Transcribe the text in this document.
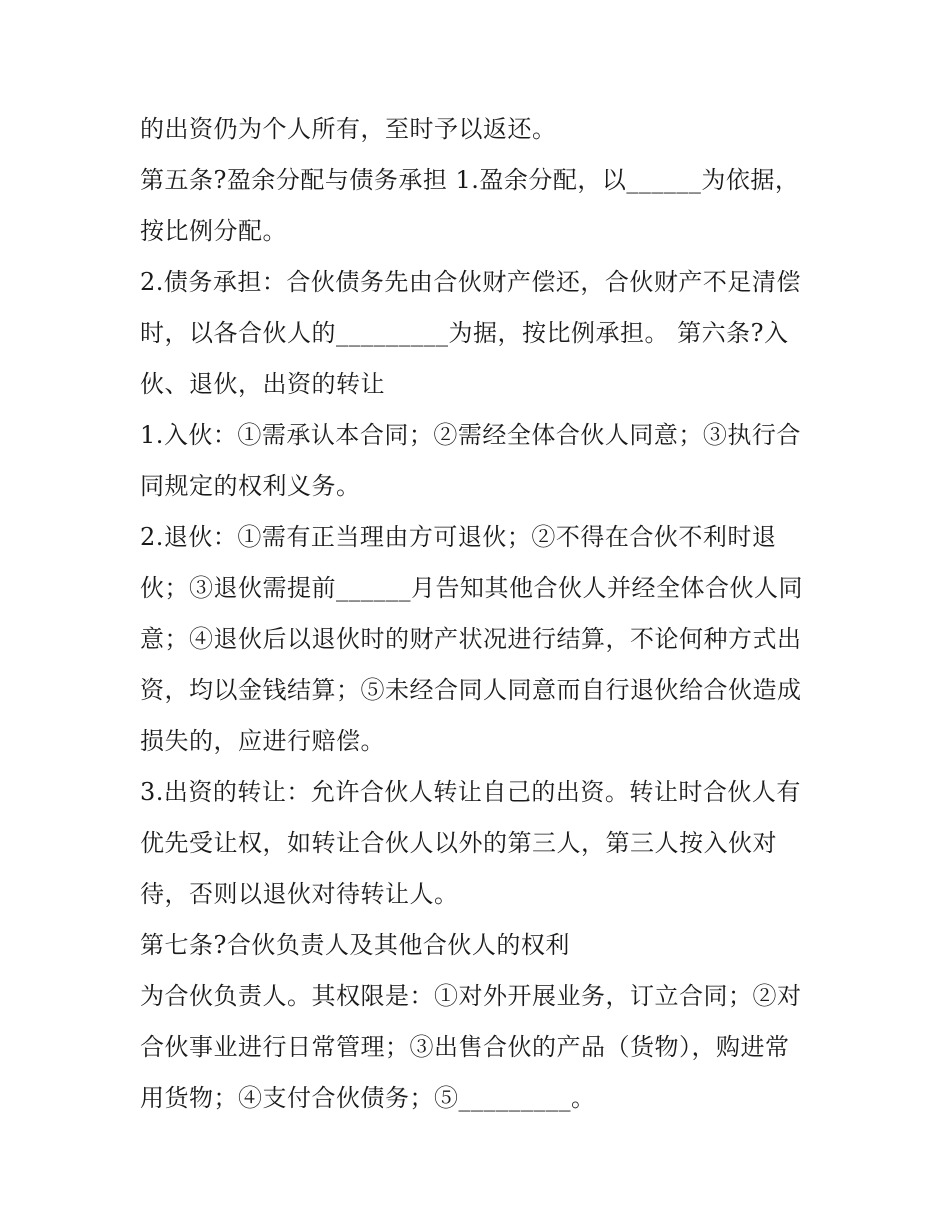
的出资仍为个人所有，至时予以返还。
第五条?盈余分配与债务承担 1.盈余分配，以______为依据，
按比例分配。
2.债务承担：合伙债务先由合伙财产偿还，合伙财产不足清偿
时，以各合伙人的_________为据，按比例承担。 第六条?入
伙、退伙，出资的转让
1.入伙：①需承认本合同；②需经全体合伙人同意；③执行合
同规定的权利义务。
2.退伙：①需有正当理由方可退伙；②不得在合伙不利时退
伙；③退伙需提前______月告知其他合伙人并经全体合伙人同
意；④退伙后以退伙时的财产状况进行结算，不论何种方式出
资，均以金钱结算；⑤未经合同人同意而自行退伙给合伙造成
损失的，应进行赔偿。
3.出资的转让：允许合伙人转让自己的出资。转让时合伙人有
优先受让权，如转让合伙人以外的第三人，第三人按入伙对
待，否则以退伙对待转让人。
第七条?合伙负责人及其他合伙人的权利
为合伙负责人。其权限是：①对外开展业务，订立合同；②对
合伙事业进行日常管理；③出售合伙的产品（货物），购进常
用货物；④支付合伙债务；⑤_________。
